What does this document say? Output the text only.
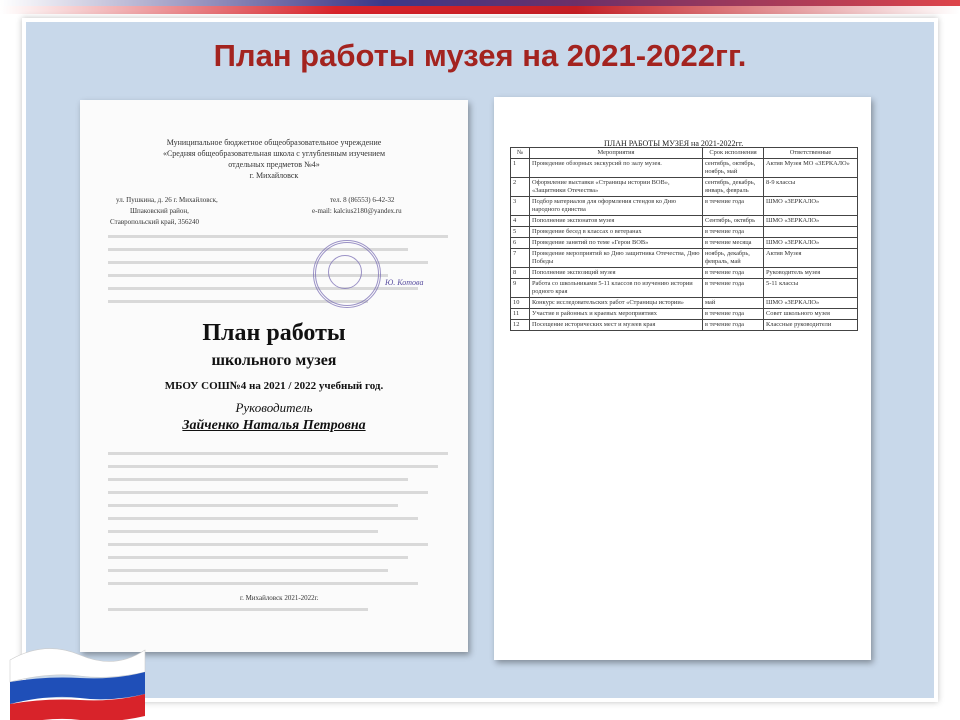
План работы музея на 2021-2022гг.
Муниципальное бюджетное общеобразовательное учреждение
«Средняя общеобразовательная школа с углубленным изучением
отдельных предметов №4»
г. Михайловск
ул. Пушкина, д. 26 г. Михайловск,
Шпаковский район,
Ставропольский край, 356240
тел. 8 (86553) 6-42-32
e-mail: kalcius2180@yandex.ru
Ю. Котова
План работы
школьного музея
МБОУ СОШ№4 на 2021 / 2022 учебный год.
Руководитель
Зайченко Наталья Петровна
г. Михайловск 2021-2022г.
ПЛАН РАБОТЫ МУЗЕЯ на 2021-2022гг.
№	Мероприятия	Срок исполнения	Ответственные
1	Проведение обзорных экскурсий по залу музея.	сентябрь, октябрь, ноябрь, май	Актив Музея МО «ЗЕРКАЛО»
2	Оформление выставки «Страницы истории ВОВ», «Защитники Отечества»	сентябрь, декабрь, январь, февраль	8-9 классы
3	Подбор материалов для оформления стендов ко Дню народного единства	в течение года	ШМО «ЗЕРКАЛО»
4	Пополнение экспонатов музея	Сентябрь, октябрь	ШМО «ЗЕРКАЛО»
5	Проведение бесед в классах о ветеранах	в течение года	
6	Проведение занятий по теме «Герои ВОВ»	в течение месяца	ШМО «ЗЕРКАЛО»
7	Проведение мероприятий ко Дню защитника Отечества, Дню Победы	ноябрь, декабрь, февраль, май	Актив Музея
8	Пополнение экспозиций музея	в течение года	Руководитель музея
9	Работа со школьниками 5-11 классов по изучению истории родного края	в течение года	5-11 классы
10	Конкурс исследовательских работ «Страницы истории»	май	ШМО «ЗЕРКАЛО»
11	Участие в районных и краевых мероприятиях	в течение года	Совет школьного музея
12	Посещение исторических мест и музеев края	в течение года	Классные руководители
